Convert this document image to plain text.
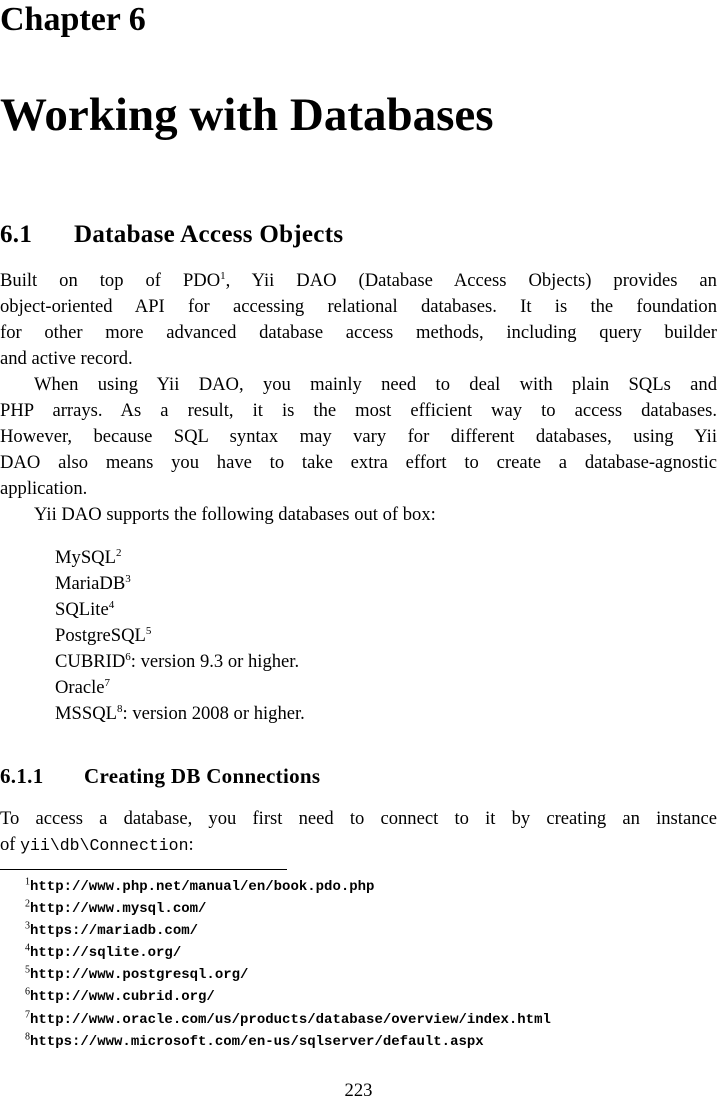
Chapter 6
Working with Databases
6.1 Database Access Objects
Built on top of PDO$^1$, Yii DAO (Database Access Objects) provides an
object-oriented API for accessing relational databases. It is the foundation
for other more advanced database access methods, including query builder
and active record.
When using Yii DAO, you mainly need to deal with plain SQLs and
PHP arrays. As a result, it is the most efficient way to access databases.
However, because SQL syntax may vary for different databases, using Yii
DAO also means you have to take extra effort to create a database-agnostic
application.
Yii DAO supports the following databases out of box:
MySQL$^2$
MariaDB$^3$
SQLite$^4$
PostgreSQL$^5$
CUBRID$^6$: version 9.3 or higher.
Oracle$^7$
MSSQL$^8$: version 2008 or higher.
6.1.1 Creating DB Connections
To access a database, you first need to connect to it by creating an instance
of yii\db\Connection:
$^1$http://www.php.net/manual/en/book.pdo.php
$^2$http://www.mysql.com/
$^3$https://mariadb.com/
$^4$http://sqlite.org/
$^5$http://www.postgresql.org/
$^6$http://www.cubrid.org/
$^7$http://www.oracle.com/us/products/database/overview/index.html
$^8$https://www.microsoft.com/en-us/sqlserver/default.aspx
223
